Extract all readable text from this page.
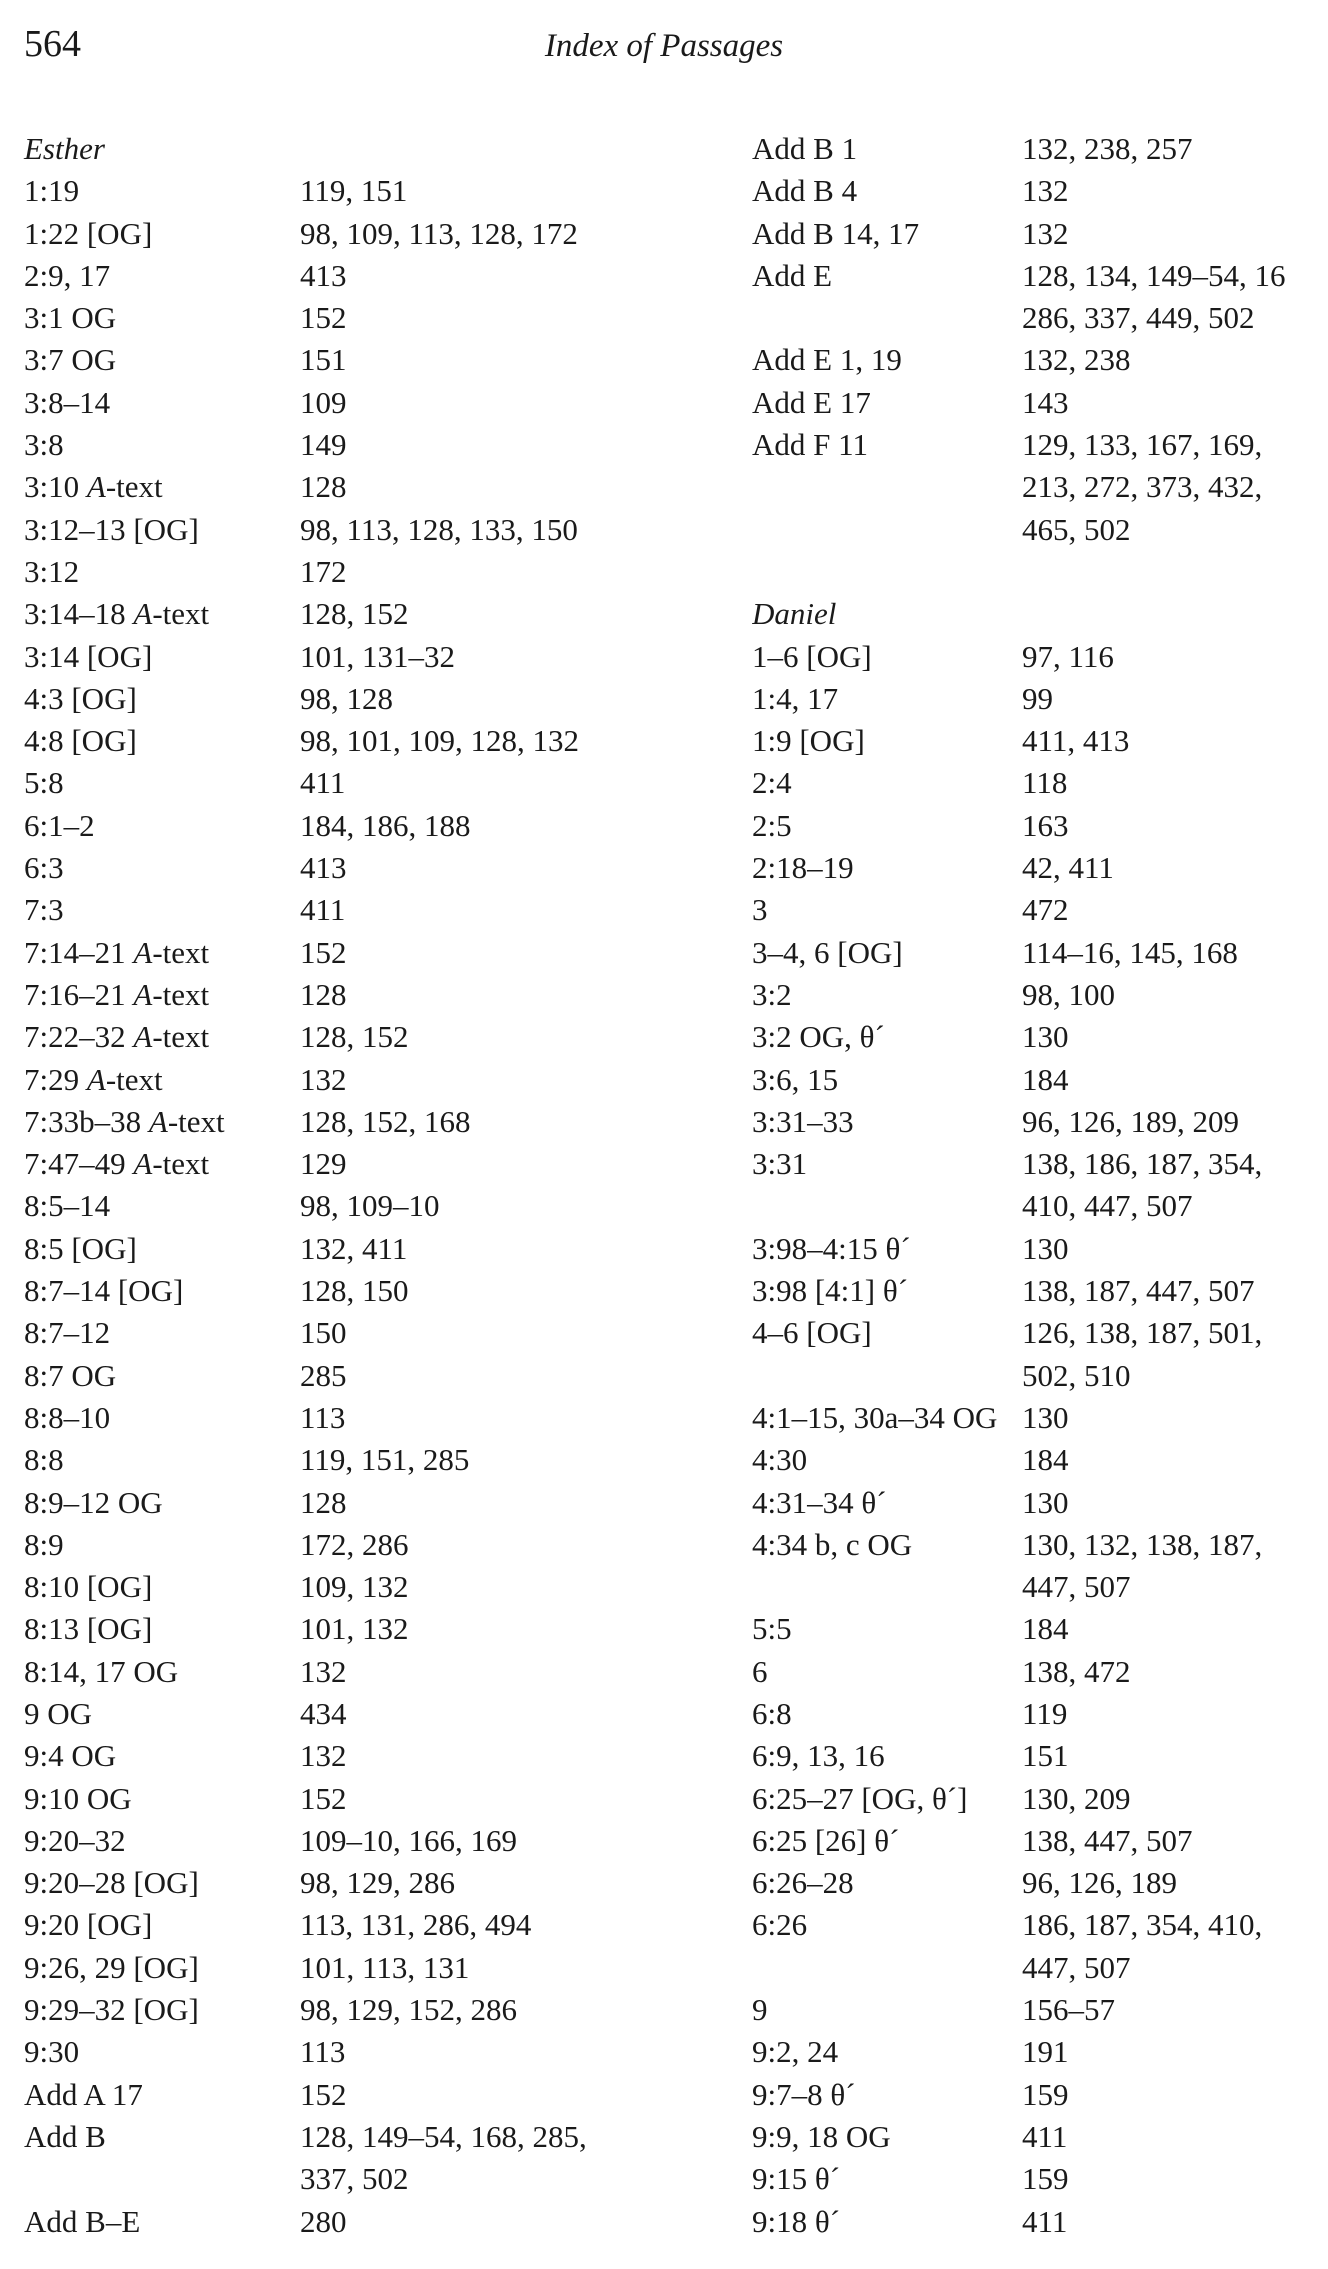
564	Index of Passages
Esther
1:19	119, 151
1:22 [OG]	98, 109, 113, 128, 172
2:9, 17	413
3:1 OG	152
3:7 OG	151
3:8–14	109
3:8	149
3:10 A-text	128
3:12–13 [OG]	98, 113, 128, 133, 150
3:12	172
3:14–18 A-text	128, 152
3:14 [OG]	101, 131–32
4:3 [OG]	98, 128
4:8 [OG]	98, 101, 109, 128, 132
5:8	411
6:1–2	184, 186, 188
6:3	413
7:3	411
7:14–21 A-text	152
7:16–21 A-text	128
7:22–32 A-text	128, 152
7:29 A-text	132
7:33b–38 A-text	128, 152, 168
7:47–49 A-text	129
8:5–14	98, 109–10
8:5 [OG]	132, 411
8:7–14 [OG]	128, 150
8:7–12	150
8:7 OG	285
8:8–10	113
8:8	119, 151, 285
8:9–12 OG	128
8:9	172, 286
8:10 [OG]	109, 132
8:13 [OG]	101, 132
8:14, 17 OG	132
9 OG	434
9:4 OG	132
9:10 OG	152
9:20–32	109–10, 166, 169
9:20–28 [OG]	98, 129, 286
9:20 [OG]	113, 131, 286, 494
9:26, 29 [OG]	101, 113, 131
9:29–32 [OG]	98, 129, 152, 286
9:30	113
Add A 17	152
Add B	128, 149–54, 168, 285,
337, 502
Add B–E	280
Add B 1	132, 238, 257
Add B 4	132
Add B 14, 17	132
Add E	128, 134, 149–54, 16
286, 337, 449, 502
Add E 1, 19	132, 238
Add E 17	143
Add F 11	129, 133, 167, 169,
213, 272, 373, 432,
465, 502
Daniel
1–6 [OG]	97, 116
1:4, 17	99
1:9 [OG]	411, 413
2:4	118
2:5	163
2:18–19	42, 411
3	472
3–4, 6 [OG]	114–16, 145, 168
3:2	98, 100
3:2 OG, θ´	130
3:6, 15	184
3:31–33	96, 126, 189, 209
3:31	138, 186, 187, 354,
410, 447, 507
3:98–4:15 θ´	130
3:98 [4:1] θ´	138, 187, 447, 507
4–6 [OG]	126, 138, 187, 501,
502, 510
4:1–15, 30a–34 OG 130
4:30	184
4:31–34 θ´	130
4:34 b, c OG	130, 132, 138, 187,
447, 507
5:5	184
6	138, 472
6:8	119
6:9, 13, 16	151
6:25–27 [OG, θ´]	130, 209
6:25 [26] θ´	138, 447, 507
6:26–28	96, 126, 189
6:26	186, 187, 354, 410,
447, 507
9	156–57
9:2, 24	191
9:7–8 θ´	159
9:9, 18 OG	411
9:15 θ´	159
9:18 θ´	411
